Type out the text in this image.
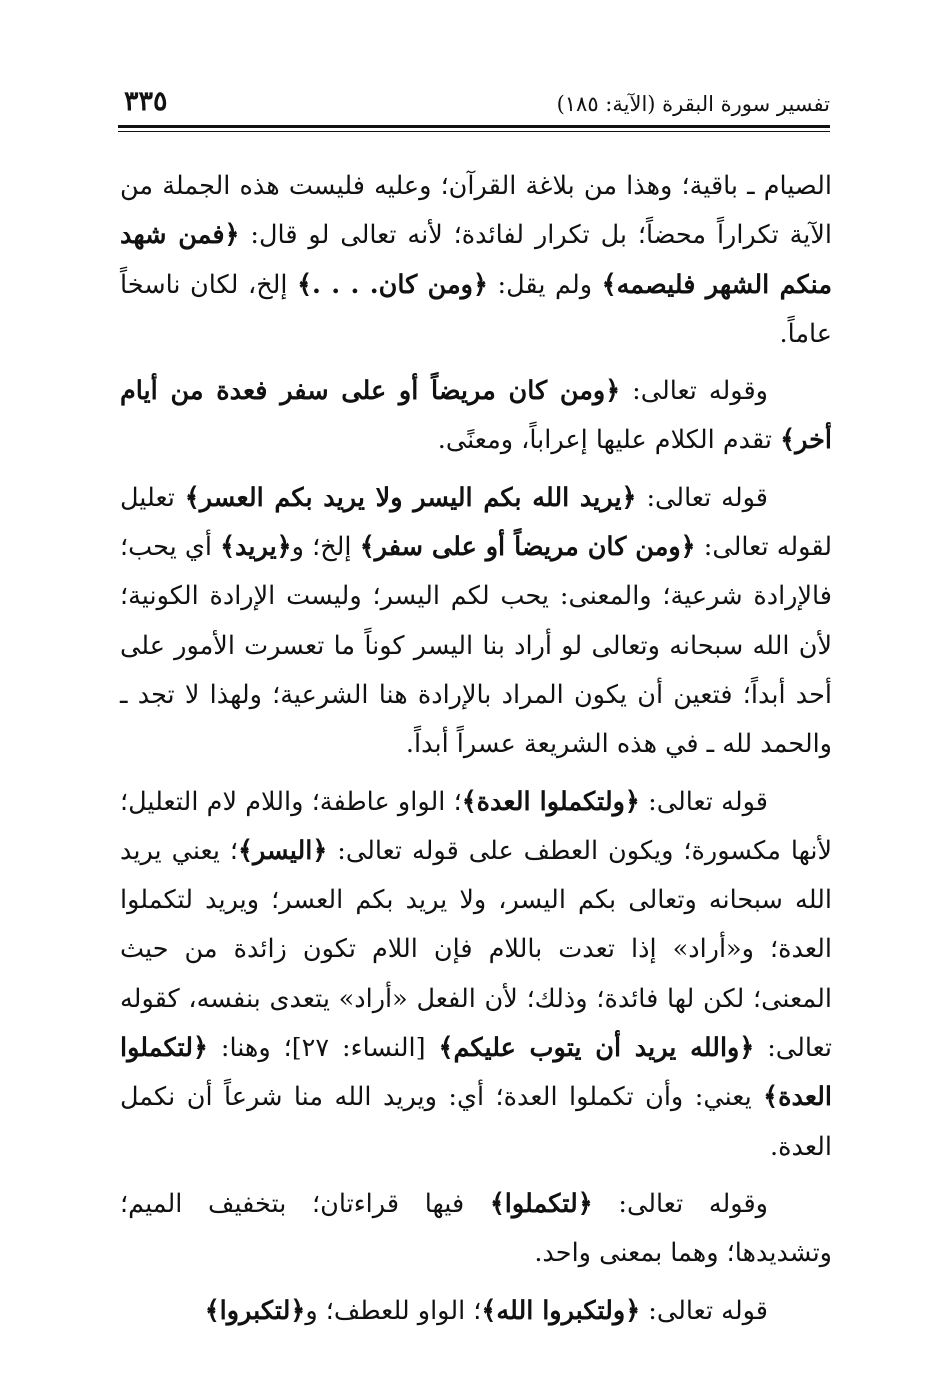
تفسير سورة البقرة (الآية: ١٨٥)
٣٣٥

الصيام ـ باقية؛ وهذا من بلاغة القرآن؛ وعليه فليست هذه الجملة من الآية تكراراً محضاً؛ بل تكرار لفائدة؛ لأنه تعالى لو قال: ﴿فمن شهد منكم الشهر فليصمه﴾ ولم يقل: ﴿ومن كان. . . .﴾ إلخ، لكان ناسخاً عاماً.

وقوله تعالى: ﴿ومن كان مريضاً أو على سفر فعدة من أيام أخر﴾ تقدم الكلام عليها إعراباً، ومعنًى.

قوله تعالى: ﴿يريد الله بكم اليسر ولا يريد بكم العسر﴾ تعليل لقوله تعالى: ﴿ومن كان مريضاً أو على سفر﴾ إلخ؛ و﴿يريد﴾ أي يحب؛ فالإرادة شرعية؛ والمعنى: يحب لكم اليسر؛ وليست الإرادة الكونية؛ لأن الله سبحانه وتعالى لو أراد بنا اليسر كوناً ما تعسرت الأمور على أحد أبداً؛ فتعين أن يكون المراد بالإرادة هنا الشرعية؛ ولهذا لا تجد ـ والحمد لله ـ في هذه الشريعة عسراً أبداً.

قوله تعالى: ﴿ولتكملوا العدة﴾؛ الواو عاطفة؛ واللام لام التعليل؛ لأنها مكسورة؛ ويكون العطف على قوله تعالى: ﴿اليسر﴾؛ يعني يريد الله سبحانه وتعالى بكم اليسر، ولا يريد بكم العسر؛ ويريد لتكملوا العدة؛ و«أراد» إذا تعدت باللام فإن اللام تكون زائدة من حيث المعنى؛ لكن لها فائدة؛ وذلك؛ لأن الفعل «أراد» يتعدى بنفسه، كقوله تعالى: ﴿والله يريد أن يتوب عليكم﴾ [النساء: ٢٧]؛ وهنا: ﴿لتكملوا العدة﴾ يعني: وأن تكملوا العدة؛ أي: ويريد الله منا شرعاً أن نكمل العدة.

وقوله تعالى: ﴿لتكملوا﴾ فيها قراءتان؛ بتخفيف الميم؛ وتشديدها؛ وهما بمعنى واحد.

قوله تعالى: ﴿ولتكبروا الله﴾؛ الواو للعطف؛ و﴿لتكبروا﴾
